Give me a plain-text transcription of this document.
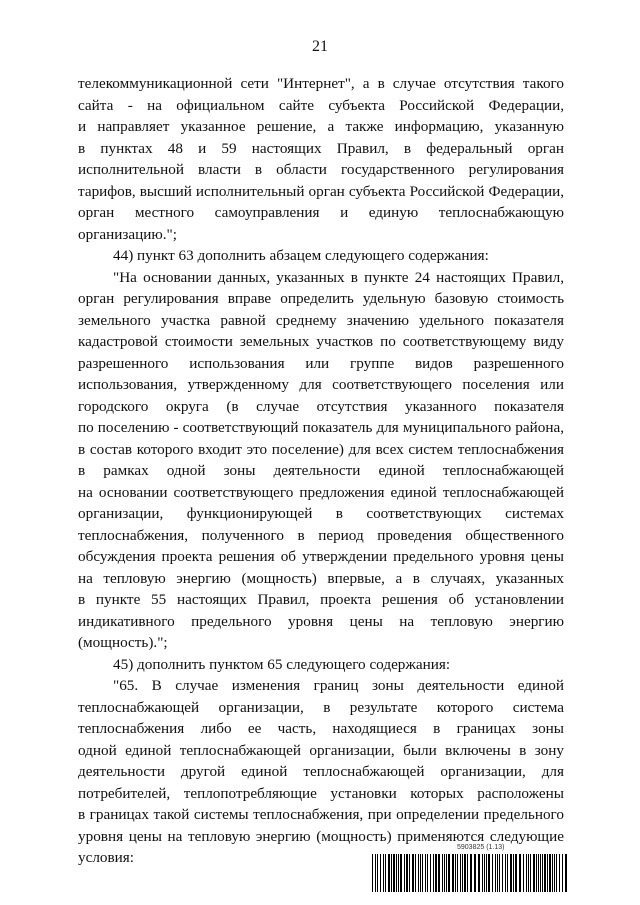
21
телекоммуникационной сети "Интернет", а в случае отсутствия такого
сайта - на официальном сайте субъекта Российской Федерации,
и направляет указанное решение, а также информацию, указанную
в пунктах 48 и 59 настоящих Правил, в федеральный орган
исполнительной власти в области государственного регулирования
тарифов, высший исполнительный орган субъекта Российской Федерации,
орган местного самоуправления и единую теплоснабжающую
организацию.";
44) пункт 63 дополнить абзацем следующего содержания:
"На основании данных, указанных в пункте 24 настоящих Правил,
орган регулирования вправе определить удельную базовую стоимость
земельного участка равной среднему значению удельного показателя
кадастровой стоимости земельных участков по соответствующему виду
разрешенного использования или группе видов разрешенного
использования, утвержденному для соответствующего поселения или
городского округа (в случае отсутствия указанного показателя
по поселению - соответствующий показатель для муниципального района,
в состав которого входит это поселение) для всех систем теплоснабжения
в рамках одной зоны деятельности единой теплоснабжающей
на основании соответствующего предложения единой теплоснабжающей
организации, функционирующей в соответствующих системах
теплоснабжения, полученного в период проведения общественного
обсуждения проекта решения об утверждении предельного уровня цены
на тепловую энергию (мощность) впервые, а в случаях, указанных
в пункте 55 настоящих Правил, проекта решения об установлении
индикативного предельного уровня цены на тепловую энергию
(мощность).";
45) дополнить пунктом 65 следующего содержания:
"65. В случае изменения границ зоны деятельности единой
теплоснабжающей организации, в результате которого система
теплоснабжения либо ее часть, находящиеся в границах зоны
одной единой теплоснабжающей организации, были включены в зону
деятельности другой единой теплоснабжающей организации, для
потребителей, теплопотребляющие установки которых расположены
в границах такой системы теплоснабжения, при определении предельного
уровня цены на тепловую энергию (мощность) применяются следующие
условия:
5903825 (1.13)
